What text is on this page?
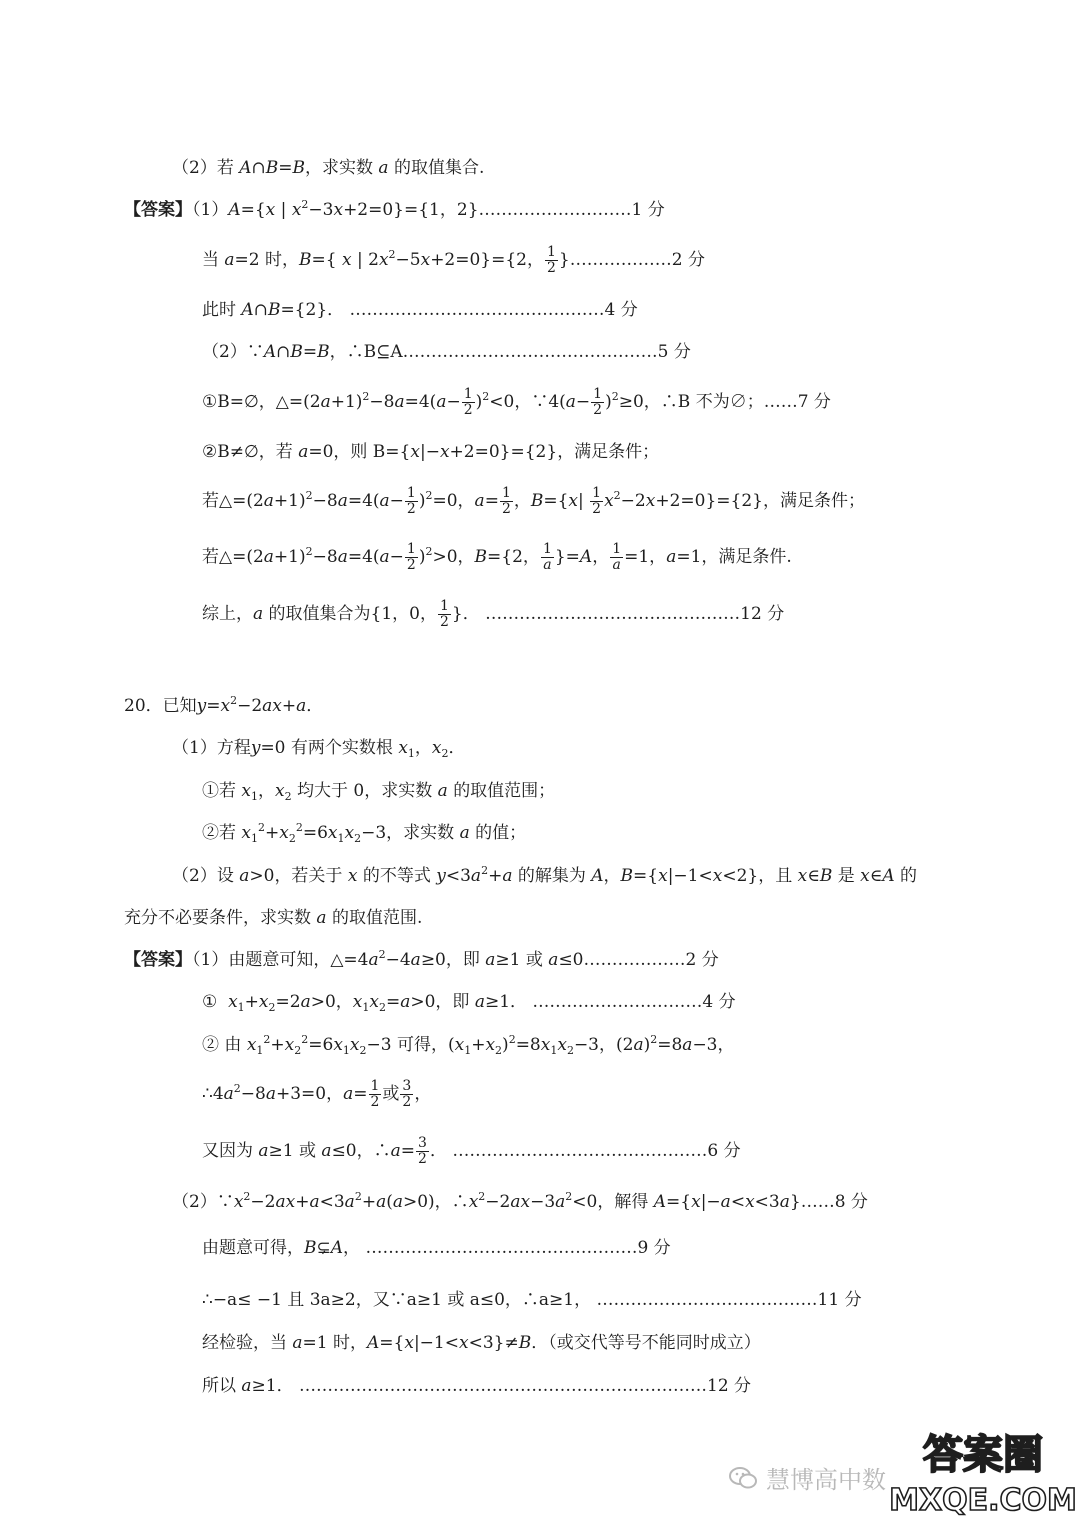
（2）若 A∩B=B，求实数 a 的取值集合.
【答案】（1）A={x | $x^2-3x+2=0\}=\{1$，2}………………………1 分
当 a=2 时，B={ x | $2x^2-5x+2=0\}=\{2$， $\frac{1}{2}$ }………………2 分
此时 A∩B={2}． ………………………………………4 分
（2）∵A∩B=B，∴B⊆A………………………………………5 分
①B=∅，$\triangle=(2a+1)^2-8a=4(a- \frac{1}{2} )^2<0$，∵4(a− $\frac{1}{2} )^2\ge 0$，∴B 不为∅；……7 分
②B≠∅，若 a=0，则 B={x|−x+2=0}={2}，满足条件；
若$\triangle=(2a+1)^2-8a=4(a- \frac{1}{2} )^2=0$，$a= \frac{1}{2}$ ，$B=\{x| \frac{1}{2} x^2-2x+2=0\}=\{2\}$，满足条件；
若$\triangle=(2a+1)^2-8a=4(a- \frac{1}{2} )^2>0$，B={2， $\frac{1}{a} \}=A$， $\frac{1}{a} =1$，a=1，满足条件.
综上，a 的取值集合为{1，0， $\frac{1}{2}$ }． ………………………………………12 分
20．已知$y=x^2-2ax+a$．
（1）方程y=0 有两个实数根 $x_1$，$x_2$．
①若 $x_1$，$x_2$ 均大于 0，求实数 a 的取值范围；
②若 $x_1^2+x_2^2=6x_1x_2-3$，求实数 a 的值；
（2）设 a>0，若关于 x 的不等式 $y<3a^2+a$ 的解集为 A，B={x|−1<x<2}，且 x∈B 是 x∈A 的
充分不必要条件，求实数 a 的取值范围.
【答案】（1）由题意可知，$\triangle=4a^2-4a\ge 0$，即 a≥1 或 a≤0………………2 分
①  $x_1+x_2=2a>0$，$x_1x_2=a>0$，即 a≥1． …………………………4 分
② 由 $x_1^2+x_2^2=6x_1x_2-3$ 可得，$(x_1+x_2)^2=8x_1x_2-3$，$(2a)^2=8a-3$，
$\therefore 4a^2-8a+3=0$，$a= \frac{1}{2}$ 或 $\frac{3}{2}$ ，
又因为 a≥1 或 a≤0，∴a= $\frac{3}{2}$ ． ………………………………………6 分
$(2)\because x^2-2ax+a<3a^2+a(a>0)$，$\therefore x^2-2ax-3a^2<0$，解得 A={x|−a<x<3a}……8 分
由题意可得，B⊊A， …………………………………………9 分
∴−a≤ −1 且 3a≥2，又∵a≥1 或 a≤0，∴a≥1， …………………………………11 分
经检验，当 a=1 时，A={x|−1<x<3}≠B．（或交代等号不能同时成立）
所以 a≥1． ………………………………………………………………12 分
慧博高中数
答案圈
MXQE.COM
